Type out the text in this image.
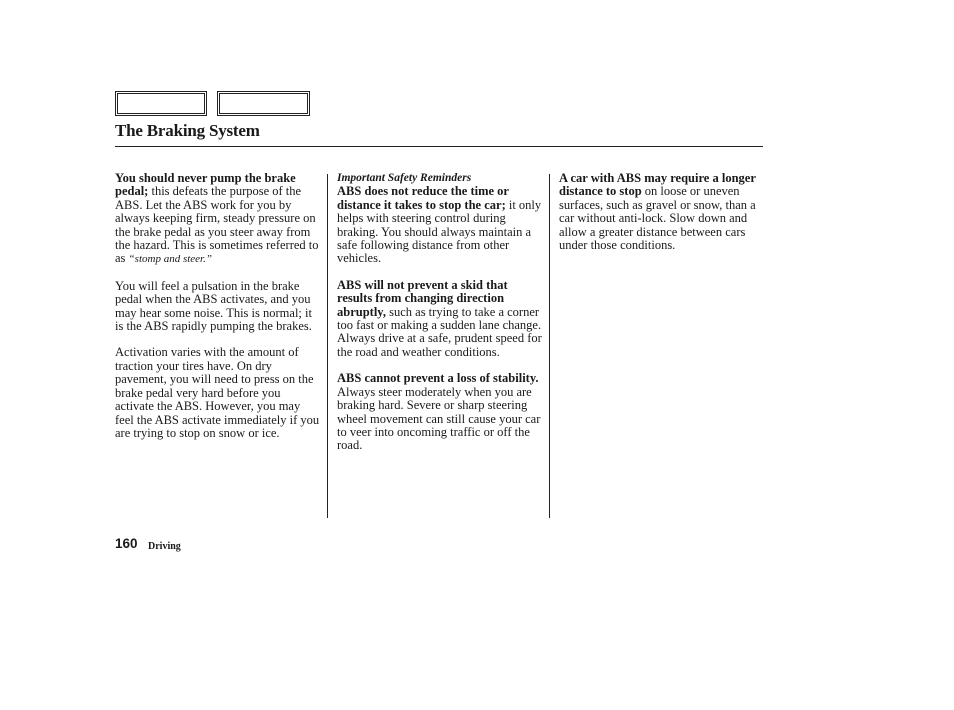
The Braking System

You should never pump the brake pedal; this defeats the purpose of the ABS. Let the ABS work for you by always keeping firm, steady pressure on the brake pedal as you steer away from the hazard. This is sometimes referred to as “stomp and steer.”

You will feel a pulsation in the brake pedal when the ABS activates, and you may hear some noise. This is normal; it is the ABS rapidly pumping the brakes.

Activation varies with the amount of traction your tires have. On dry pavement, you will need to press on the brake pedal very hard before you activate the ABS. However, you may feel the ABS activate immediately if you are trying to stop on snow or ice.

Important Safety Reminders

ABS does not reduce the time or distance it takes to stop the car; it only helps with steering control during braking. You should always maintain a safe following distance from other vehicles.

ABS will not prevent a skid that results from changing direction abruptly, such as trying to take a corner too fast or making a sudden lane change. Always drive at a safe, prudent speed for the road and weather conditions.

ABS cannot prevent a loss of stability. Always steer moderately when you are braking hard. Severe or sharp steering wheel movement can still cause your car to veer into oncoming traffic or off the road.

A car with ABS may require a longer distance to stop on loose or uneven surfaces, such as gravel or snow, than a car without anti-lock. Slow down and allow a greater distance between cars under those conditions.

160 Driving
